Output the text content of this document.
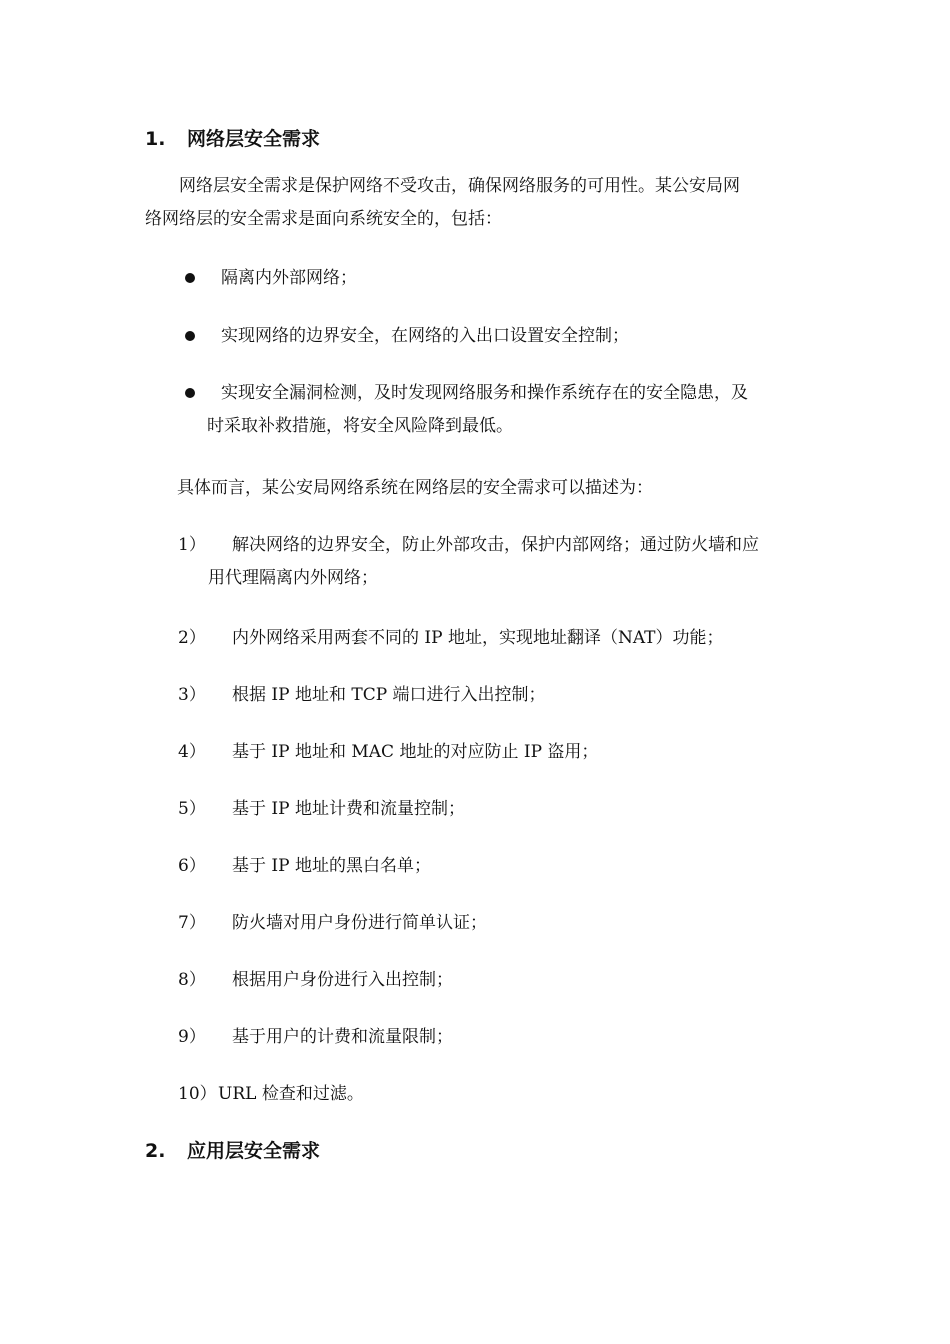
1. 网络层安全需求
网络层安全需求是保护网络不受攻击，确保网络服务的可用性。某公安局网
络网络层的安全需求是面向系统安全的，包括：
隔离内外部网络；
实现网络的边界安全，在网络的入出口设置安全控制；
实现安全漏洞检测，及时发现网络服务和操作系统存在的安全隐患，及
时采取补救措施，将安全风险降到最低。
具体而言，某公安局网络系统在网络层的安全需求可以描述为：
1） 解决网络的边界安全，防止外部攻击，保护内部网络；通过防火墙和应
用代理隔离内外网络；
2） 内外网络采用两套不同的 IP 地址，实现地址翻译（NAT）功能；
3） 根据 IP 地址和 TCP 端口进行入出控制；
4） 基于 IP 地址和 MAC 地址的对应防止 IP 盗用；
5） 基于 IP 地址计费和流量控制；
6） 基于 IP 地址的黑白名单；
7） 防火墙对用户身份进行简单认证；
8） 根据用户身份进行入出控制；
9） 基于用户的计费和流量限制；
10）URL 检查和过滤。
2. 应用层安全需求
